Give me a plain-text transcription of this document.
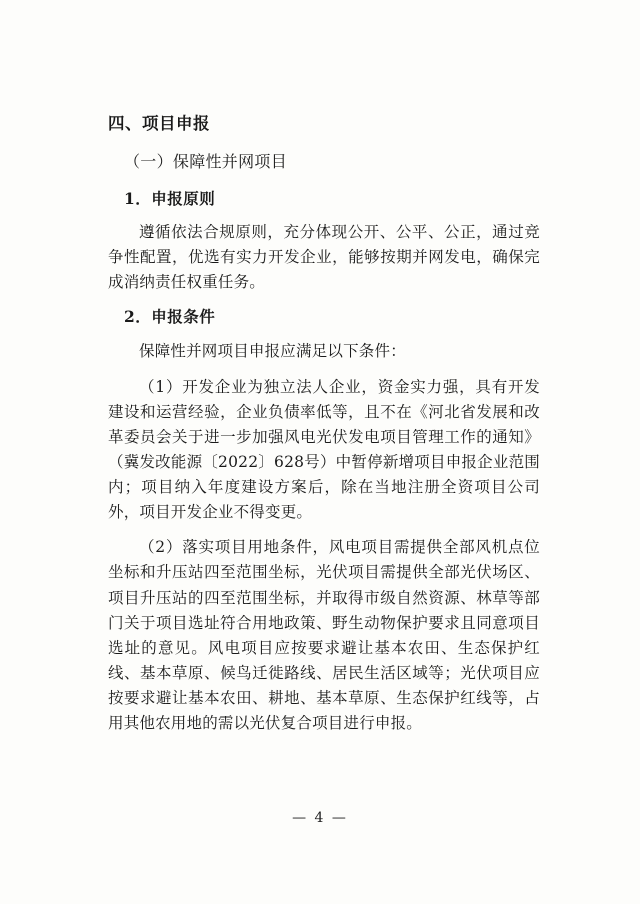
四、项目申报
（一）保障性并网项目
1．申报原则

遵循依法合规原则，充分体现公开、公平、公正，通过竞争性配置，优选有实力开发企业，能够按期并网发电，确保完成消纳责任权重任务。

2．申报条件

保障性并网项目申报应满足以下条件：

（1）开发企业为独立法人企业，资金实力强，具有开发建设和运营经验，企业负债率低等，且不在《河北省发展和改革委员会关于进一步加强风电光伏发电项目管理工作的通知》（冀发改能源〔2022〕628号）中暂停新增项目申报企业范围内；项目纳入年度建设方案后，除在当地注册全资项目公司外，项目开发企业不得变更。

（2）落实项目用地条件，风电项目需提供全部风机点位坐标和升压站四至范围坐标，光伏项目需提供全部光伏场区、项目升压站的四至范围坐标，并取得市级自然资源、林草等部门关于项目选址符合用地政策、野生动物保护要求且同意项目选址的意见。风电项目应按要求避让基本农田、生态保护红线、基本草原、候鸟迁徙路线、居民生活区域等；光伏项目应按要求避让基本农田、耕地、基本草原、生态保护红线等，占用其他农用地的需以光伏复合项目进行申报。

— 4 —
